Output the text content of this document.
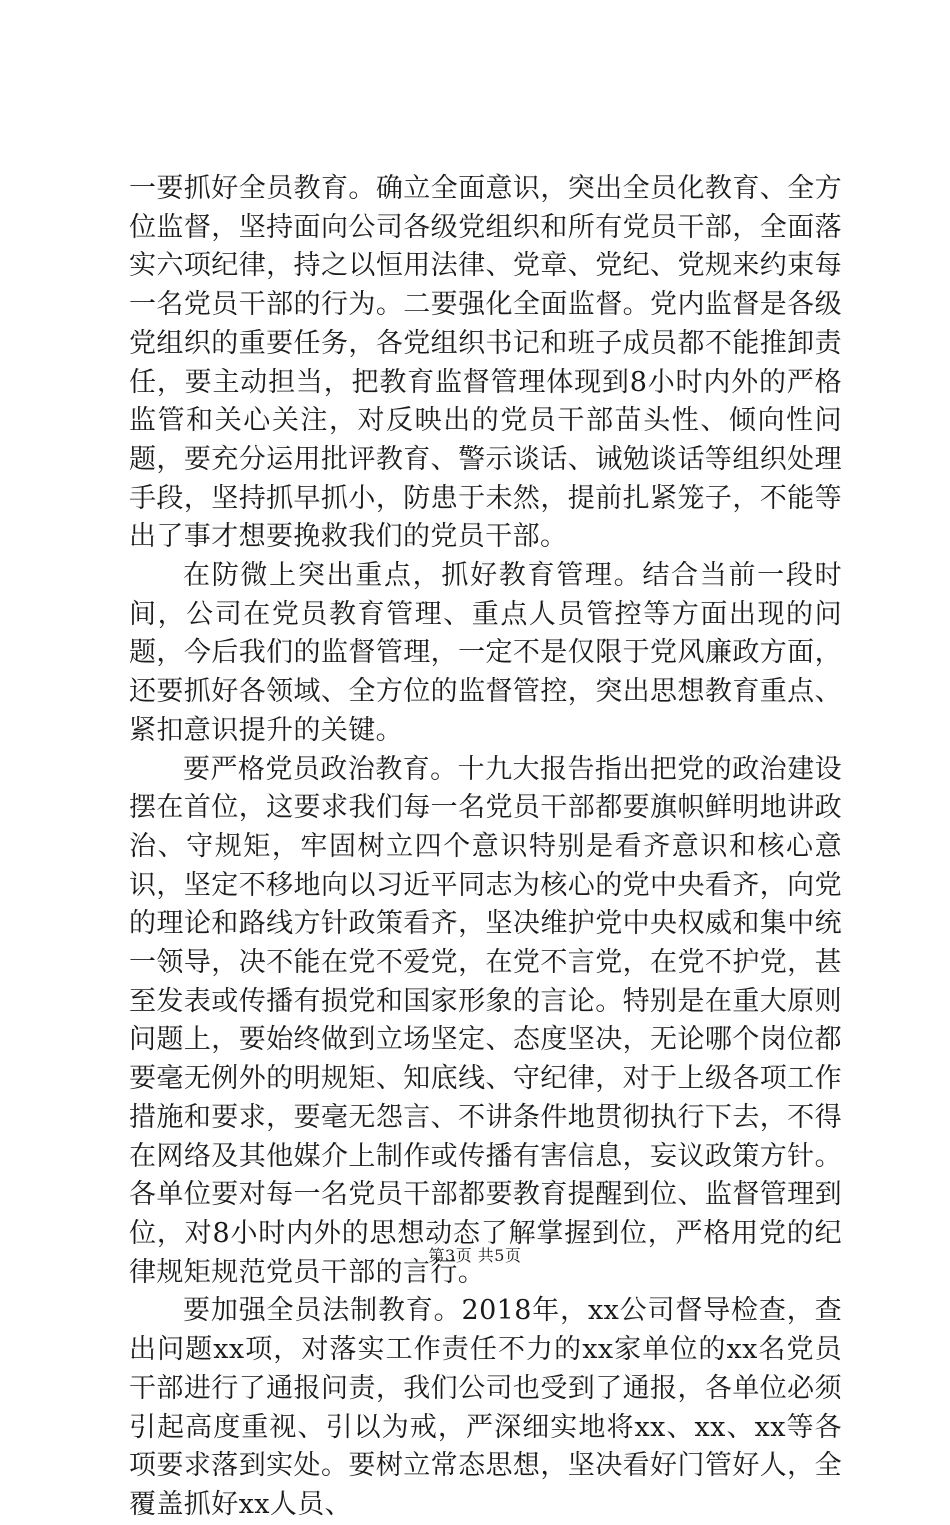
一要抓好全员教育。确立全面意识，突出全员化教育、全方位监督，坚持面向公司各级党组织和所有党员干部，全面落实六项纪律，持之以恒用法律、党章、党纪、党规来约束每一名党员干部的行为。二要强化全面监督。党内监督是各级党组织的重要任务，各党组织书记和班子成员都不能推卸责任，要主动担当，把教育监督管理体现到8小时内外的严格监管和关心关注，对反映出的党员干部苗头性、倾向性问题，要充分运用批评教育、警示谈话、诫勉谈话等组织处理手段，坚持抓早抓小，防患于未然，提前扎紧笼子，不能等出了事才想要挽救我们的党员干部。

在防微上突出重点，抓好教育管理。结合当前一段时间，公司在党员教育管理、重点人员管控等方面出现的问题，今后我们的监督管理，一定不是仅限于党风廉政方面，还要抓好各领域、全方位的监督管控，突出思想教育重点、紧扣意识提升的关键。

要严格党员政治教育。十九大报告指出把党的政治建设摆在首位，这要求我们每一名党员干部都要旗帜鲜明地讲政治、守规矩，牢固树立四个意识特别是看齐意识和核心意识，坚定不移地向以习近平同志为核心的党中央看齐，向党的理论和路线方针政策看齐，坚决维护党中央权威和集中统一领导，决不能在党不爱党，在党不言党，在党不护党，甚至发表或传播有损党和国家形象的言论。特别是在重大原则问题上，要始终做到立场坚定、态度坚决，无论哪个岗位都要毫无例外的明规矩、知底线、守纪律，对于上级各项工作措施和要求，要毫无怨言、不讲条件地贯彻执行下去，不得在网络及其他媒介上制作或传播有害信息，妄议政策方针。各单位要对每一名党员干部都要教育提醒到位、监督管理到位，对8小时内外的思想动态了解掌握到位，严格用党的纪律规矩规范党员干部的言行。

要加强全员法制教育。2018年，xx公司督导检查，查出问题xx项，对落实工作责任不力的xx家单位的xx名党员干部进行了通报问责，我们公司也受到了通报，各单位必须引起高度重视、引以为戒，严深细实地将xx、xx、xx等各项要求落到实处。要树立常态思想，坚决看好门管好人，全覆盖抓好xx人员、

第3页 共5页
